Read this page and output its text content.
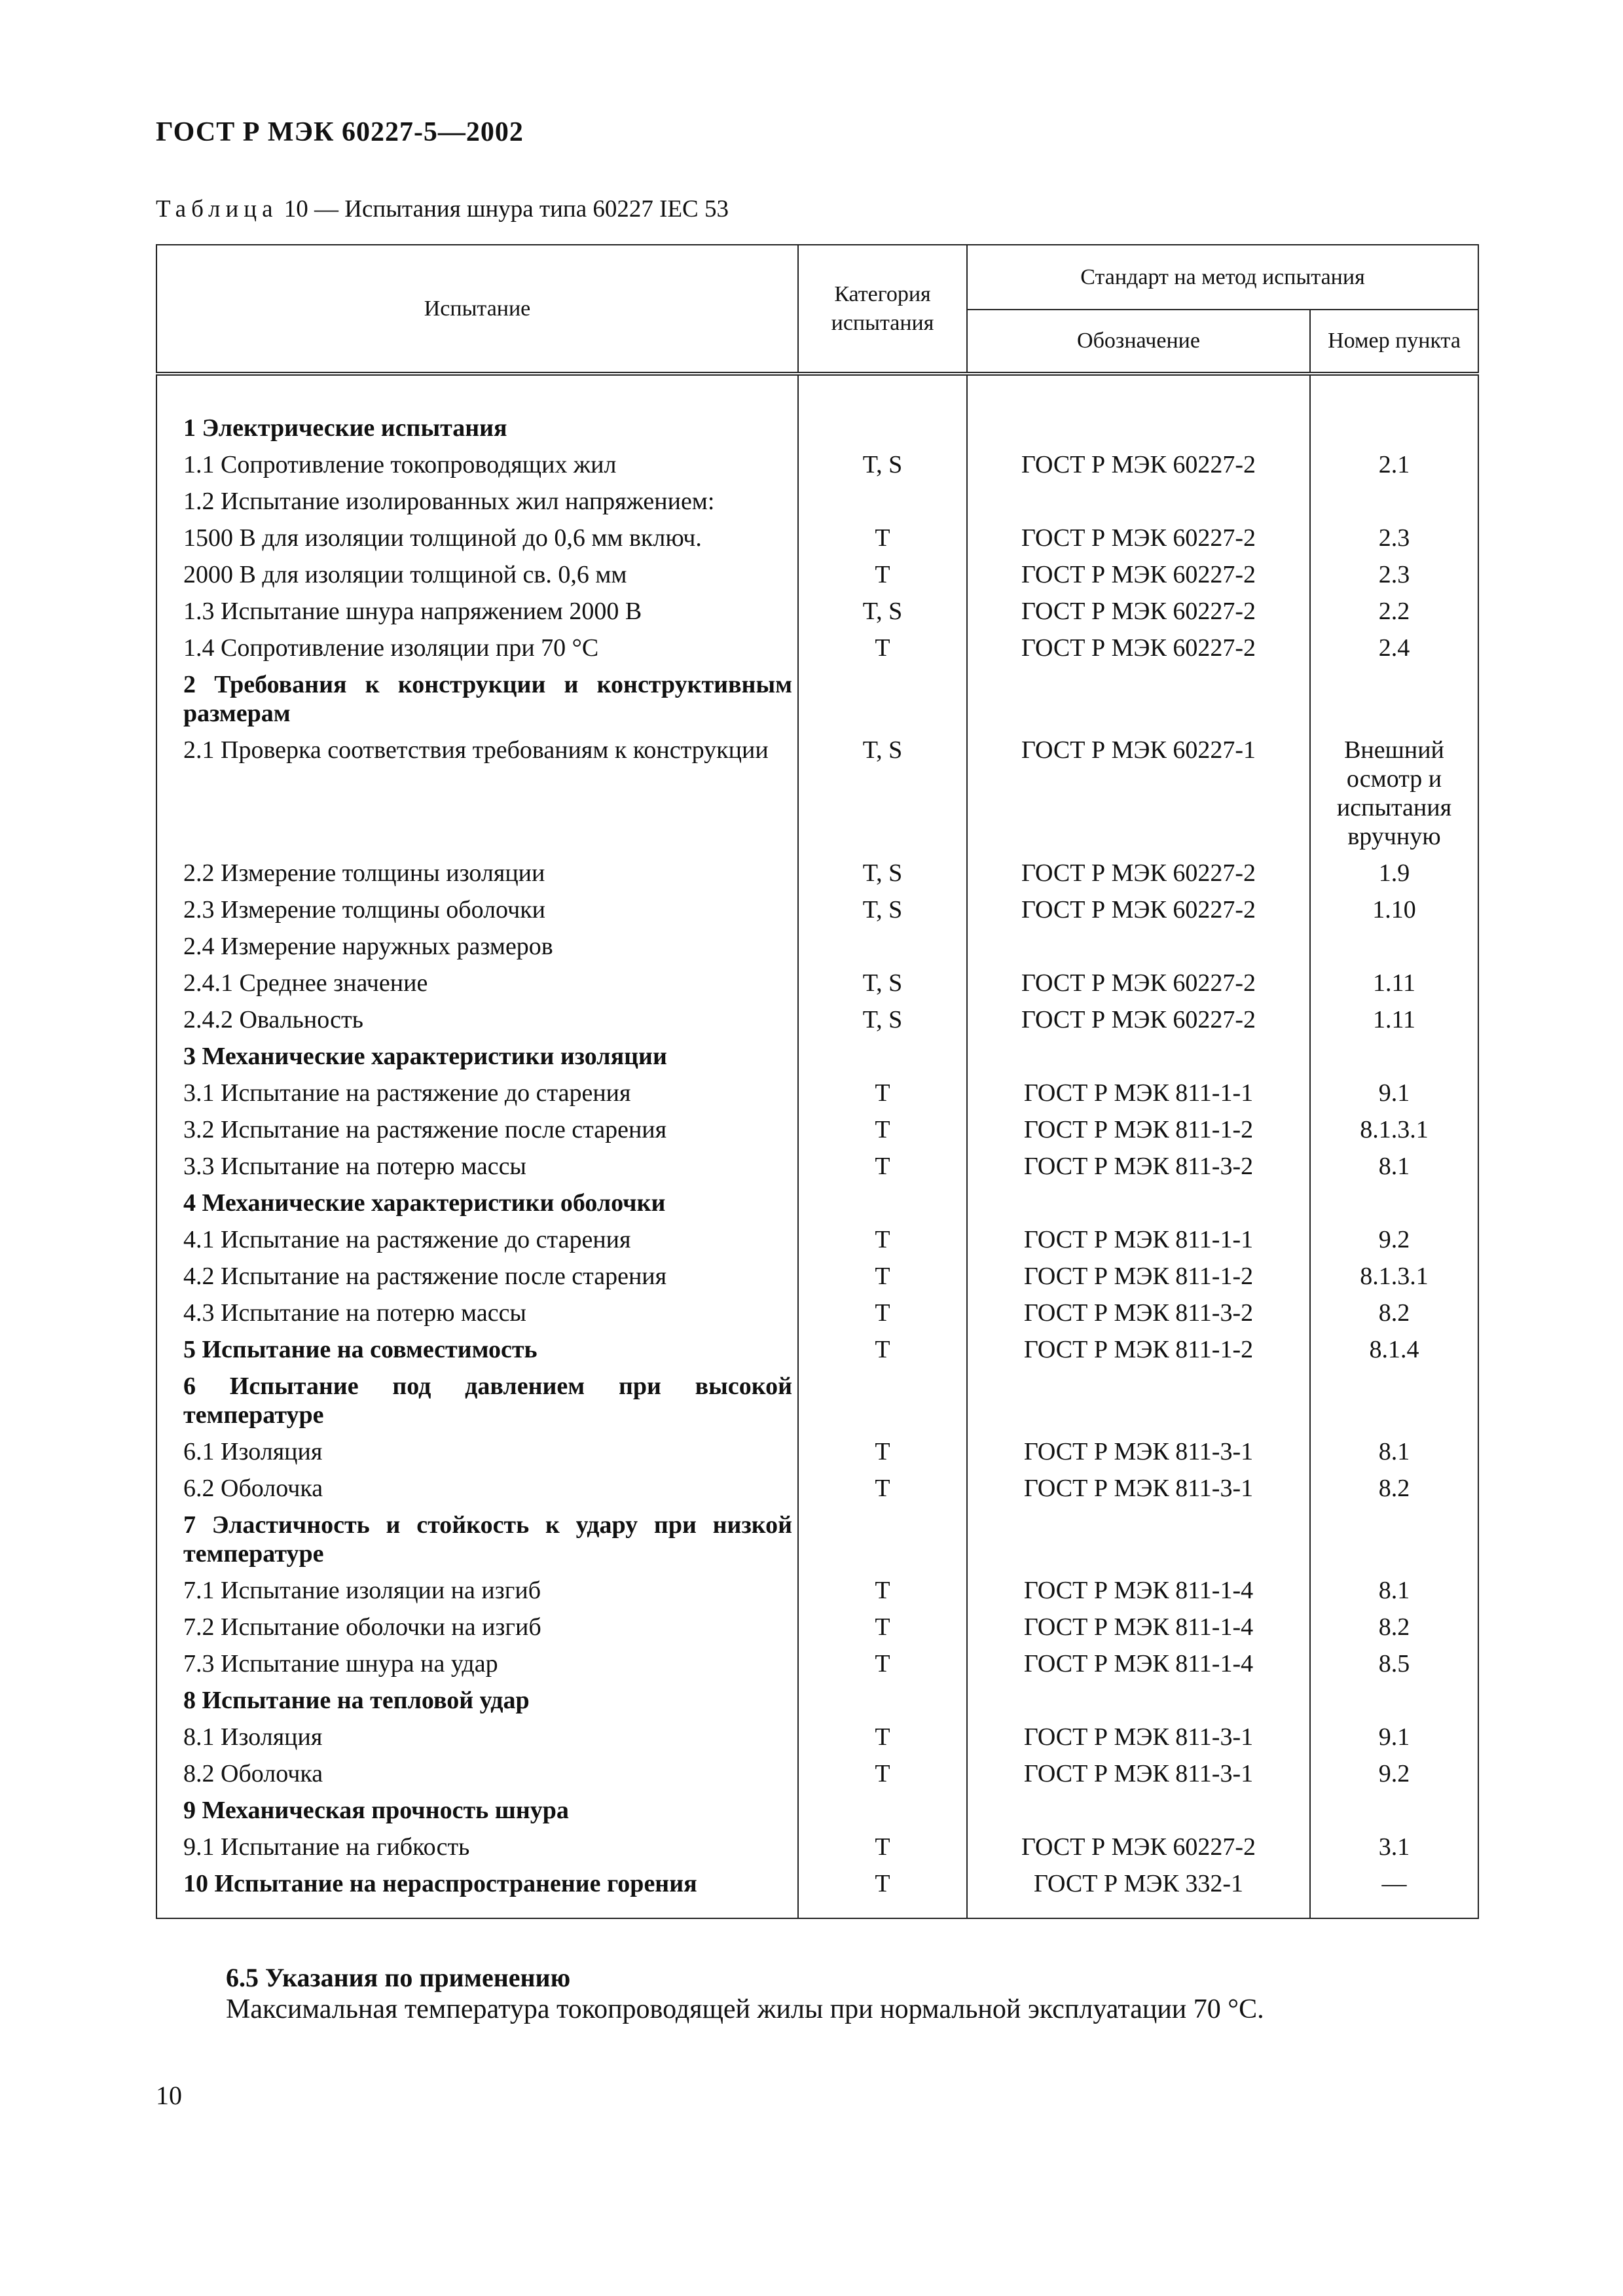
ГОСТ Р МЭК 60227-5—2002
Таблица 10 — Испытания шнура типа 60227 IEC 53
Испытание	Категория испытания	Стандарт на метод испытания	
		Обозначение	Номер пункта

1 Электрические испытания			
1.1 Сопротивление токопроводящих жил	T, S	ГОСТ Р МЭК 60227-2	2.1
1.2 Испытание изолированных жил напряжением:			
1500 В для изоляции толщиной до 0,6 мм включ.	T	ГОСТ Р МЭК 60227-2	2.3
2000 В для изоляции толщиной св. 0,6 мм	T	ГОСТ Р МЭК 60227-2	2.3
1.3 Испытание шнура напряжением 2000 В	T, S	ГОСТ Р МЭК 60227-2	2.2
1.4 Сопротивление изоляции при 70 °С	T	ГОСТ Р МЭК 60227-2	2.4
2 Требования к конструкции и конструктивным размерам			
2.1 Проверка соответствия требованиям к конструкции	T, S	ГОСТ Р МЭК 60227-1	Внешний осмотр и испытания вручную
2.2 Измерение толщины изоляции	T, S	ГОСТ Р МЭК 60227-2	1.9
2.3 Измерение толщины оболочки	T, S	ГОСТ Р МЭК 60227-2	1.10
2.4 Измерение наружных размеров			
2.4.1 Среднее значение	T, S	ГОСТ Р МЭК 60227-2	1.11
2.4.2 Овальность	T, S	ГОСТ Р МЭК 60227-2	1.11
3 Механические характеристики изоляции			
3.1 Испытание на растяжение до старения	T	ГОСТ Р МЭК 811-1-1	9.1
3.2 Испытание на растяжение после старения	T	ГОСТ Р МЭК 811-1-2	8.1.3.1
3.3 Испытание на потерю массы	T	ГОСТ Р МЭК 811-3-2	8.1
4 Механические характеристики оболочки			
4.1 Испытание на растяжение до старения	T	ГОСТ Р МЭК 811-1-1	9.2
4.2 Испытание на растяжение после старения	T	ГОСТ Р МЭК 811-1-2	8.1.3.1
4.3 Испытание на потерю массы	T	ГОСТ Р МЭК 811-3-2	8.2
5 Испытание на совместимость	T	ГОСТ Р МЭК 811-1-2	8.1.4
6 Испытание под давлением при высокой температуре			
6.1 Изоляция	T	ГОСТ Р МЭК 811-3-1	8.1
6.2 Оболочка	T	ГОСТ Р МЭК 811-3-1	8.2
7 Эластичность и стойкость к удару при низкой температуре			
7.1 Испытание изоляции на изгиб	T	ГОСТ Р МЭК 811-1-4	8.1
7.2 Испытание оболочки на изгиб	T	ГОСТ Р МЭК 811-1-4	8.2
7.3 Испытание шнура на удар	T	ГОСТ Р МЭК 811-1-4	8.5
8 Испытание на тепловой удар			
8.1 Изоляция	T	ГОСТ Р МЭК 811-3-1	9.1
8.2 Оболочка	T	ГОСТ Р МЭК 811-3-1	9.2
9 Механическая прочность шнура			
9.1 Испытание на гибкость	T	ГОСТ Р МЭК 60227-2	3.1
10 Испытание на нераспространение горения	T	ГОСТ Р МЭК 332-1	—
6.5 Указания по применению
Максимальная температура токопроводящей жилы при нормальной эксплуатации 70 °С.
10
